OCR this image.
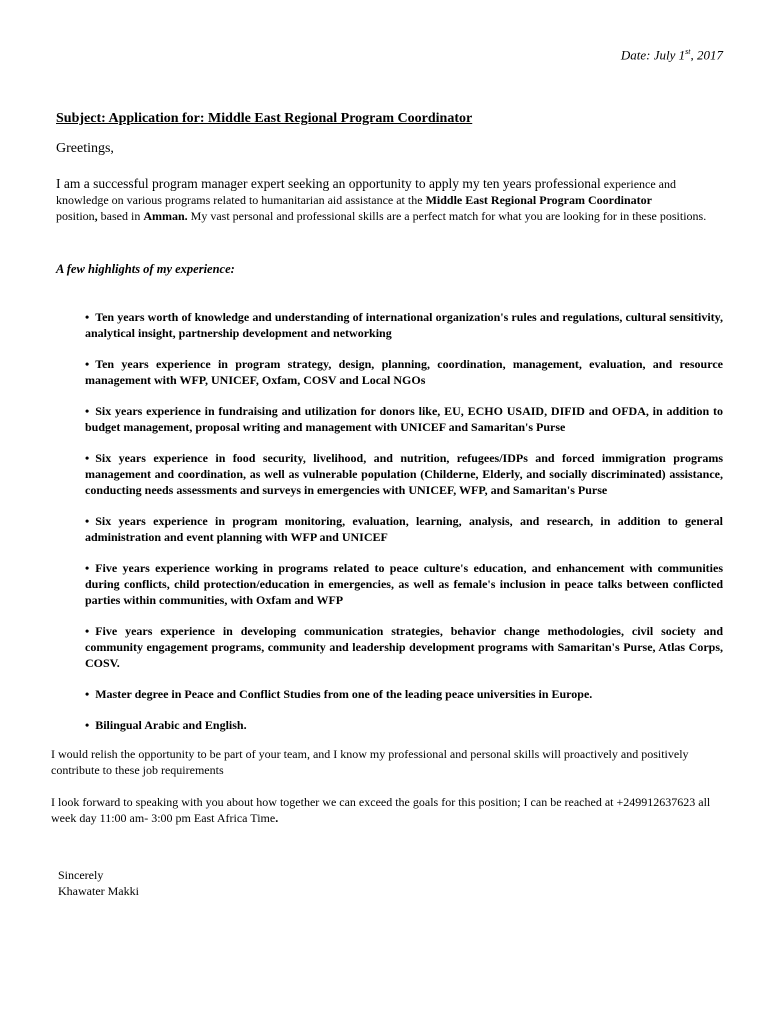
Date: July 1st, 2017
Subject: Application for: Middle East Regional Program Coordinator
Greetings,
I am a successful program manager expert seeking an opportunity to apply my ten years professional experience and knowledge on various programs related to humanitarian aid assistance at the Middle East Regional Program Coordinator
position, based in Amman. My vast personal and professional skills are a perfect match for what you are looking for in these positions.
A few highlights of my experience:
• Ten years worth of knowledge and understanding of international organization's rules and regulations, cultural sensitivity, analytical insight, partnership development and networking
• Ten years experience in program strategy, design, planning, coordination, management, evaluation, and resource management with WFP, UNICEF, Oxfam, COSV and Local NGOs
• Six years experience in fundraising and utilization for donors like, EU, ECHO USAID, DIFID and OFDA, in addition to budget management, proposal writing and management with UNICEF and Samaritan's Purse
• Six years experience in food security, livelihood, and nutrition, refugees/IDPs and forced immigration programs management and coordination, as well as vulnerable population (Childerne, Elderly, and socially discriminated) assistance, conducting needs assessments and surveys in emergencies with UNICEF, WFP, and Samaritan's Purse
• Six years experience in program monitoring, evaluation, learning, analysis, and research, in addition to general administration and event planning with WFP and UNICEF
• Five years experience working in programs related to peace culture's education, and enhancement with communities during conflicts, child protection/education in emergencies, as well as female's inclusion in peace talks between conflicted parties within communities, with Oxfam and WFP
• Five years experience in developing communication strategies, behavior change methodologies, civil society and community engagement programs, community and leadership development programs with Samaritan's Purse, Atlas Corps, COSV.
• Master degree in Peace and Conflict Studies from one of the leading peace universities in Europe.
• Bilingual Arabic and English.
I would relish the opportunity to be part of your team, and I know my professional and personal skills will proactively and positively contribute to these job requirements
I look forward to speaking with you about how together we can exceed the goals for this position; I can be reached at +249912637623 all week day 11:00 am- 3:00 pm East Africa Time.
Sincerely
Khawater Makki
